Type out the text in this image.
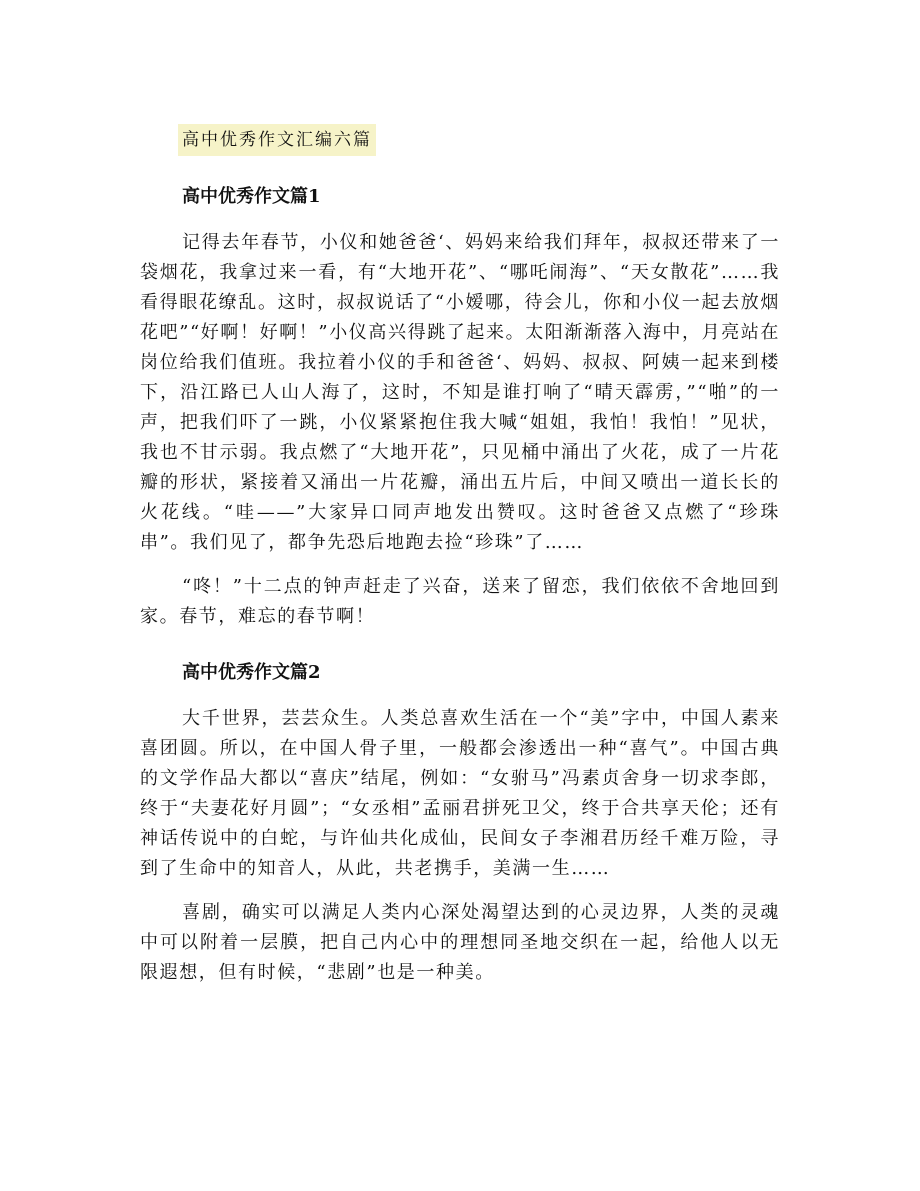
高中优秀作文汇编六篇
高中优秀作文篇1

记得去年春节，小仪和她爸爸‘、妈妈来给我们拜年，叔叔还带来了一袋烟花，我拿过来一看，有“大地开花”、“哪吒闹海”、“天女散花”……我看得眼花缭乱。这时，叔叔说话了“小嫒哪，待会儿，你和小仪一起去放烟花吧”“好啊！好啊！”小仪高兴得跳了起来。太阳渐渐落入海中，月亮站在岗位给我们值班。我拉着小仪的手和爸爸‘、妈妈、叔叔、阿姨一起来到楼下，沿江路已人山人海了，这时，不知是谁打响了“晴天霹雳，”“啪”的一声，把我们吓了一跳，小仪紧紧抱住我大喊“姐姐，我怕！我怕！”见状，我也不甘示弱。我点燃了“大地开花”，只见桶中涌出了火花，成了一片花瓣的形状，紧接着又涌出一片花瓣，涌出五片后，中间又喷出一道长长的火花线。“哇——”大家异口同声地发出赞叹。这时爸爸又点燃了“珍珠串”。我们见了，都争先恐后地跑去捡“珍珠”了……

“咚！”十二点的钟声赶走了兴奋，送来了留恋，我们依依不舍地回到家。春节，难忘的春节啊！

高中优秀作文篇2

大千世界，芸芸众生。人类总喜欢生活在一个“美”字中，中国人素来喜团圆。所以，在中国人骨子里，一般都会渗透出一种“喜气”。中国古典的文学作品大都以“喜庆”结尾，例如：“女驸马”冯素贞舍身一切求李郎，终于“夫妻花好月圆”；“女丞相”孟丽君拼死卫父，终于合共享天伦；还有神话传说中的白蛇，与许仙共化成仙，民间女子李湘君历经千难万险，寻到了生命中的知音人，从此，共老携手，美满一生……

喜剧，确实可以满足人类内心深处渴望达到的心灵边界，人类的灵魂中可以附着一层膜，把自己内心中的理想同圣地交织在一起，给他人以无限遐想，但有时候，“悲剧”也是一种美。
